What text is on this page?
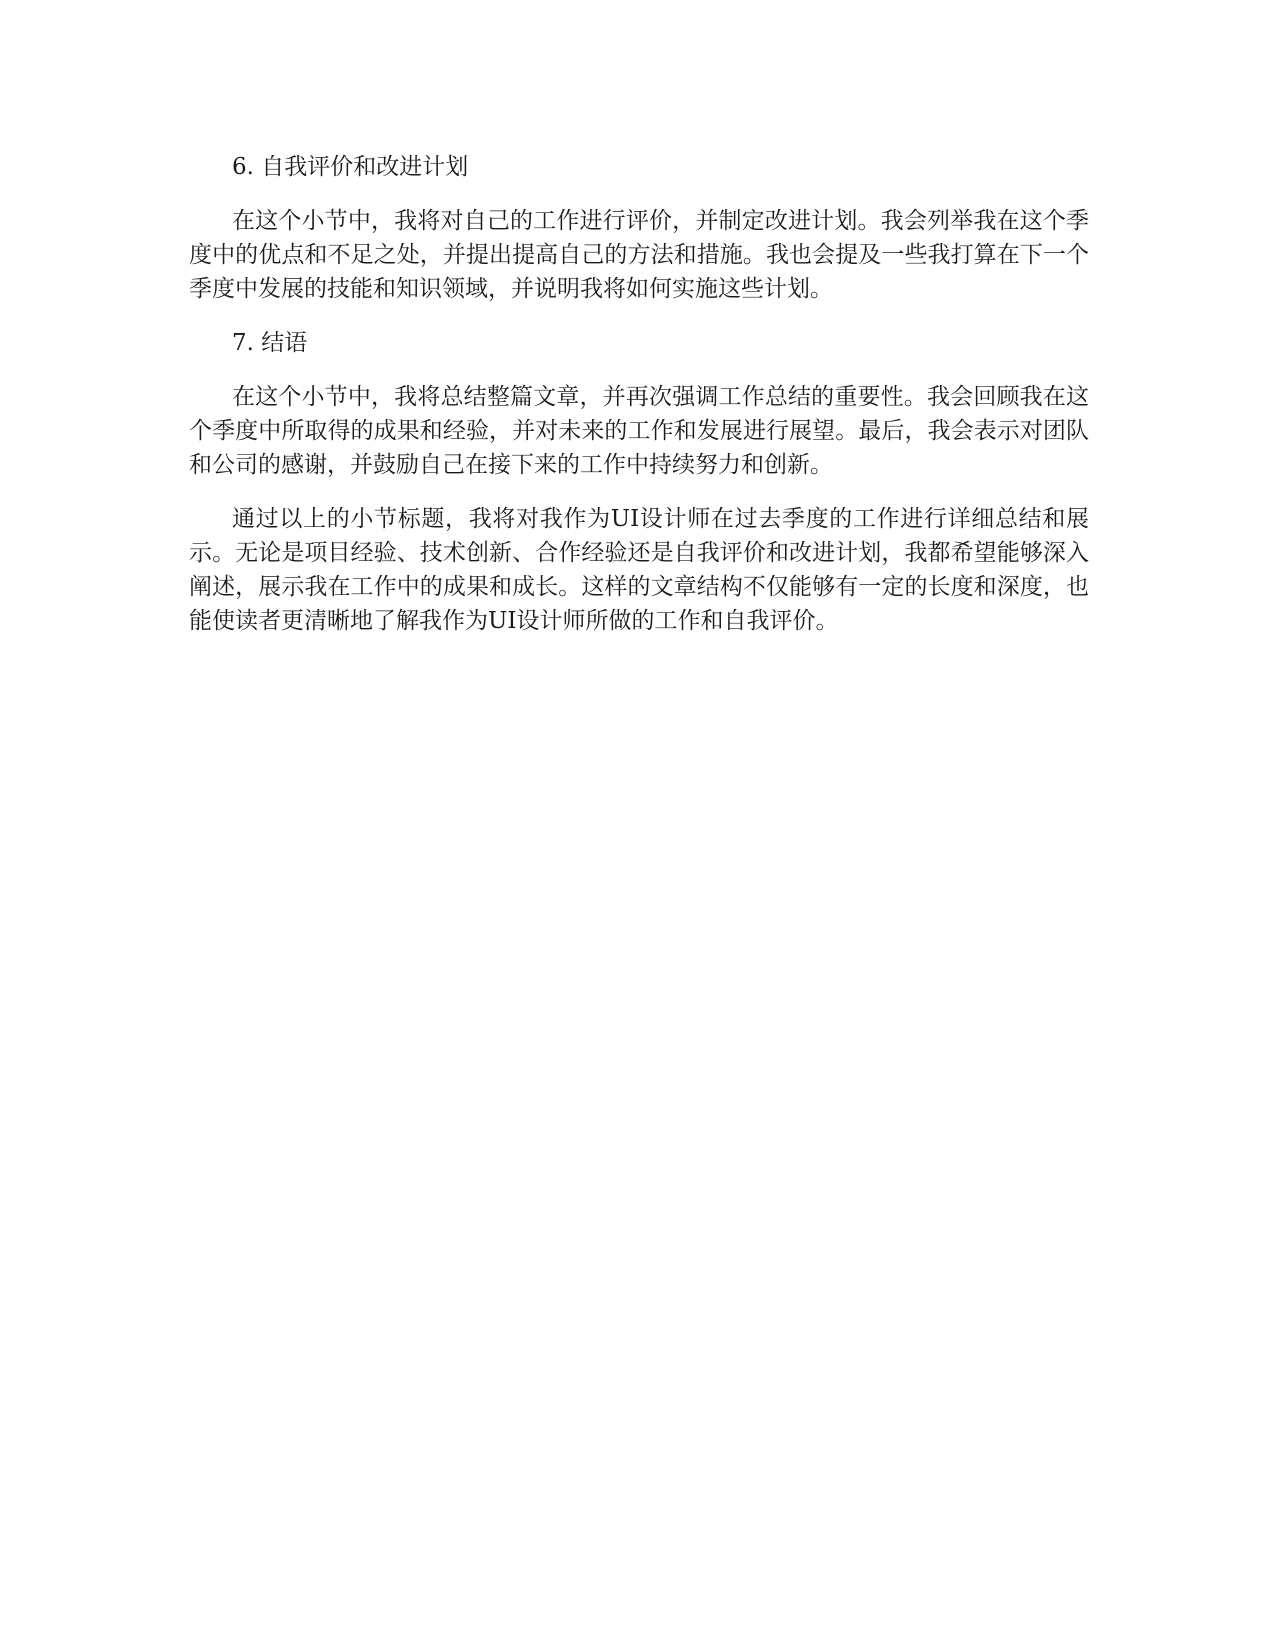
6. 自我评价和改进计划

在这个小节中，我将对自己的工作进行评价，并制定改进计划。我会列举我在这个季度中的优点和不足之处，并提出提高自己的方法和措施。我也会提及一些我打算在下一个季度中发展的技能和知识领域，并说明我将如何实施这些计划。

7. 结语

在这个小节中，我将总结整篇文章，并再次强调工作总结的重要性。我会回顾我在这个季度中所取得的成果和经验，并对未来的工作和发展进行展望。最后，我会表示对团队和公司的感谢，并鼓励自己在接下来的工作中持续努力和创新。

通过以上的小节标题，我将对我作为UI设计师在过去季度的工作进行详细总结和展示。无论是项目经验、技术创新、合作经验还是自我评价和改进计划，我都希望能够深入阐述，展示我在工作中的成果和成长。这样的文章结构不仅能够有一定的长度和深度，也能使读者更清晰地了解我作为UI设计师所做的工作和自我评价。
